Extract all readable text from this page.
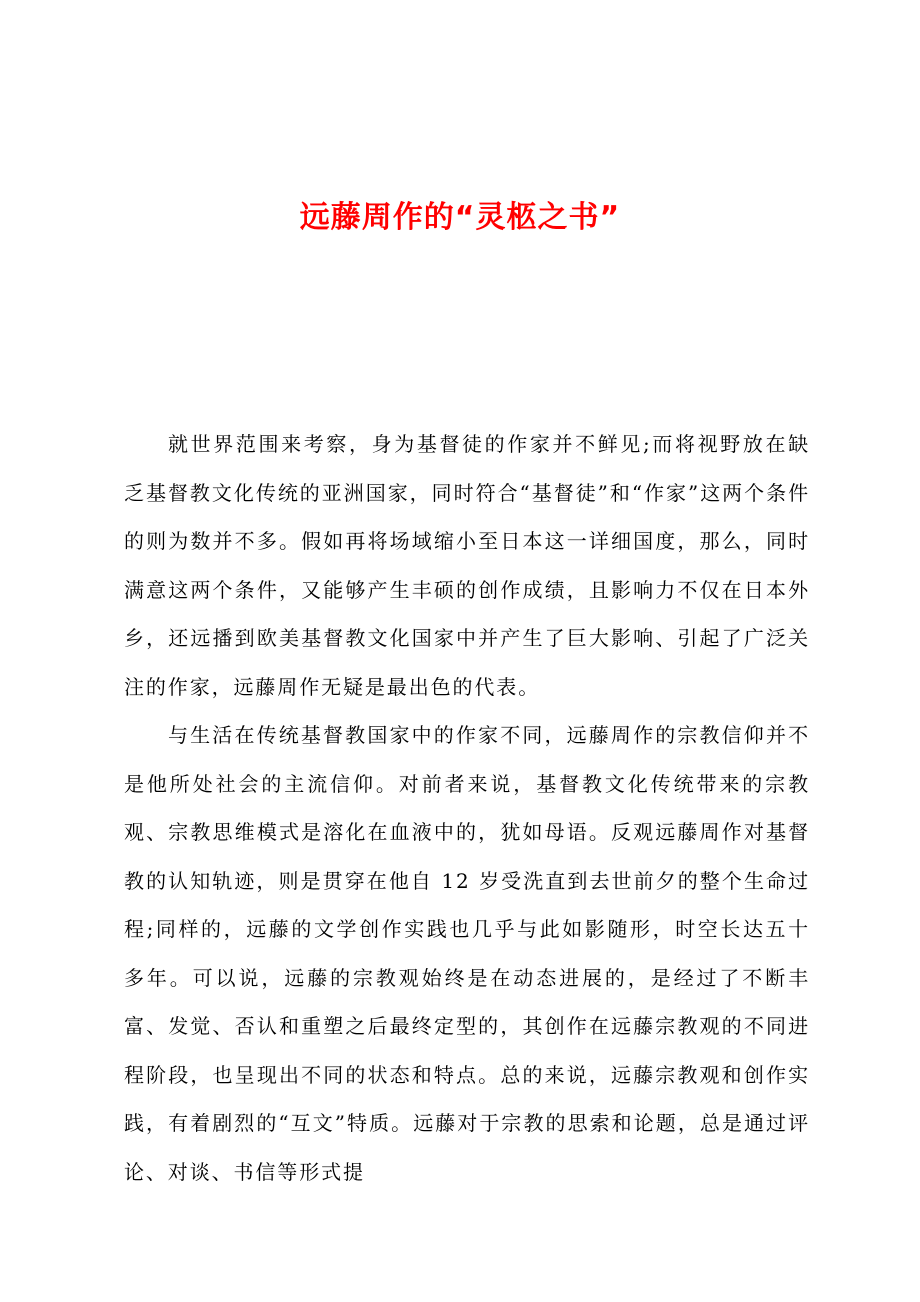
远藤周作的“灵柩之书”

就世界范围来考察，身为基督徒的作家并不鲜见;而将视野放在缺乏基督教文化传统的亚洲国家，同时符合“基督徒”和“作家”这两个条件的则为数并不多。假如再将场域缩小至日本这一详细国度，那么，同时满意这两个条件，又能够产生丰硕的创作成绩，且影响力不仅在日本外乡，还远播到欧美基督教文化国家中并产生了巨大影响、引起了广泛关注的作家，远藤周作无疑是最出色的代表。

与生活在传统基督教国家中的作家不同，远藤周作的宗教信仰并不是他所处社会的主流信仰。对前者来说，基督教文化传统带来的宗教观、宗教思维模式是溶化在血液中的，犹如母语。反观远藤周作对基督教的认知轨迹，则是贯穿在他自 12 岁受洗直到去世前夕的整个生命过程;同样的，远藤的文学创作实践也几乎与此如影随形，时空长达五十多年。可以说，远藤的宗教观始终是在动态进展的，是经过了不断丰富、发觉、否认和重塑之后最终定型的，其创作在远藤宗教观的不同进程阶段，也呈现出不同的状态和特点。总的来说，远藤宗教观和创作实践，有着剧烈的“互文”特质。远藤对于宗教的思索和论题，总是通过评论、对谈、书信等形式提
